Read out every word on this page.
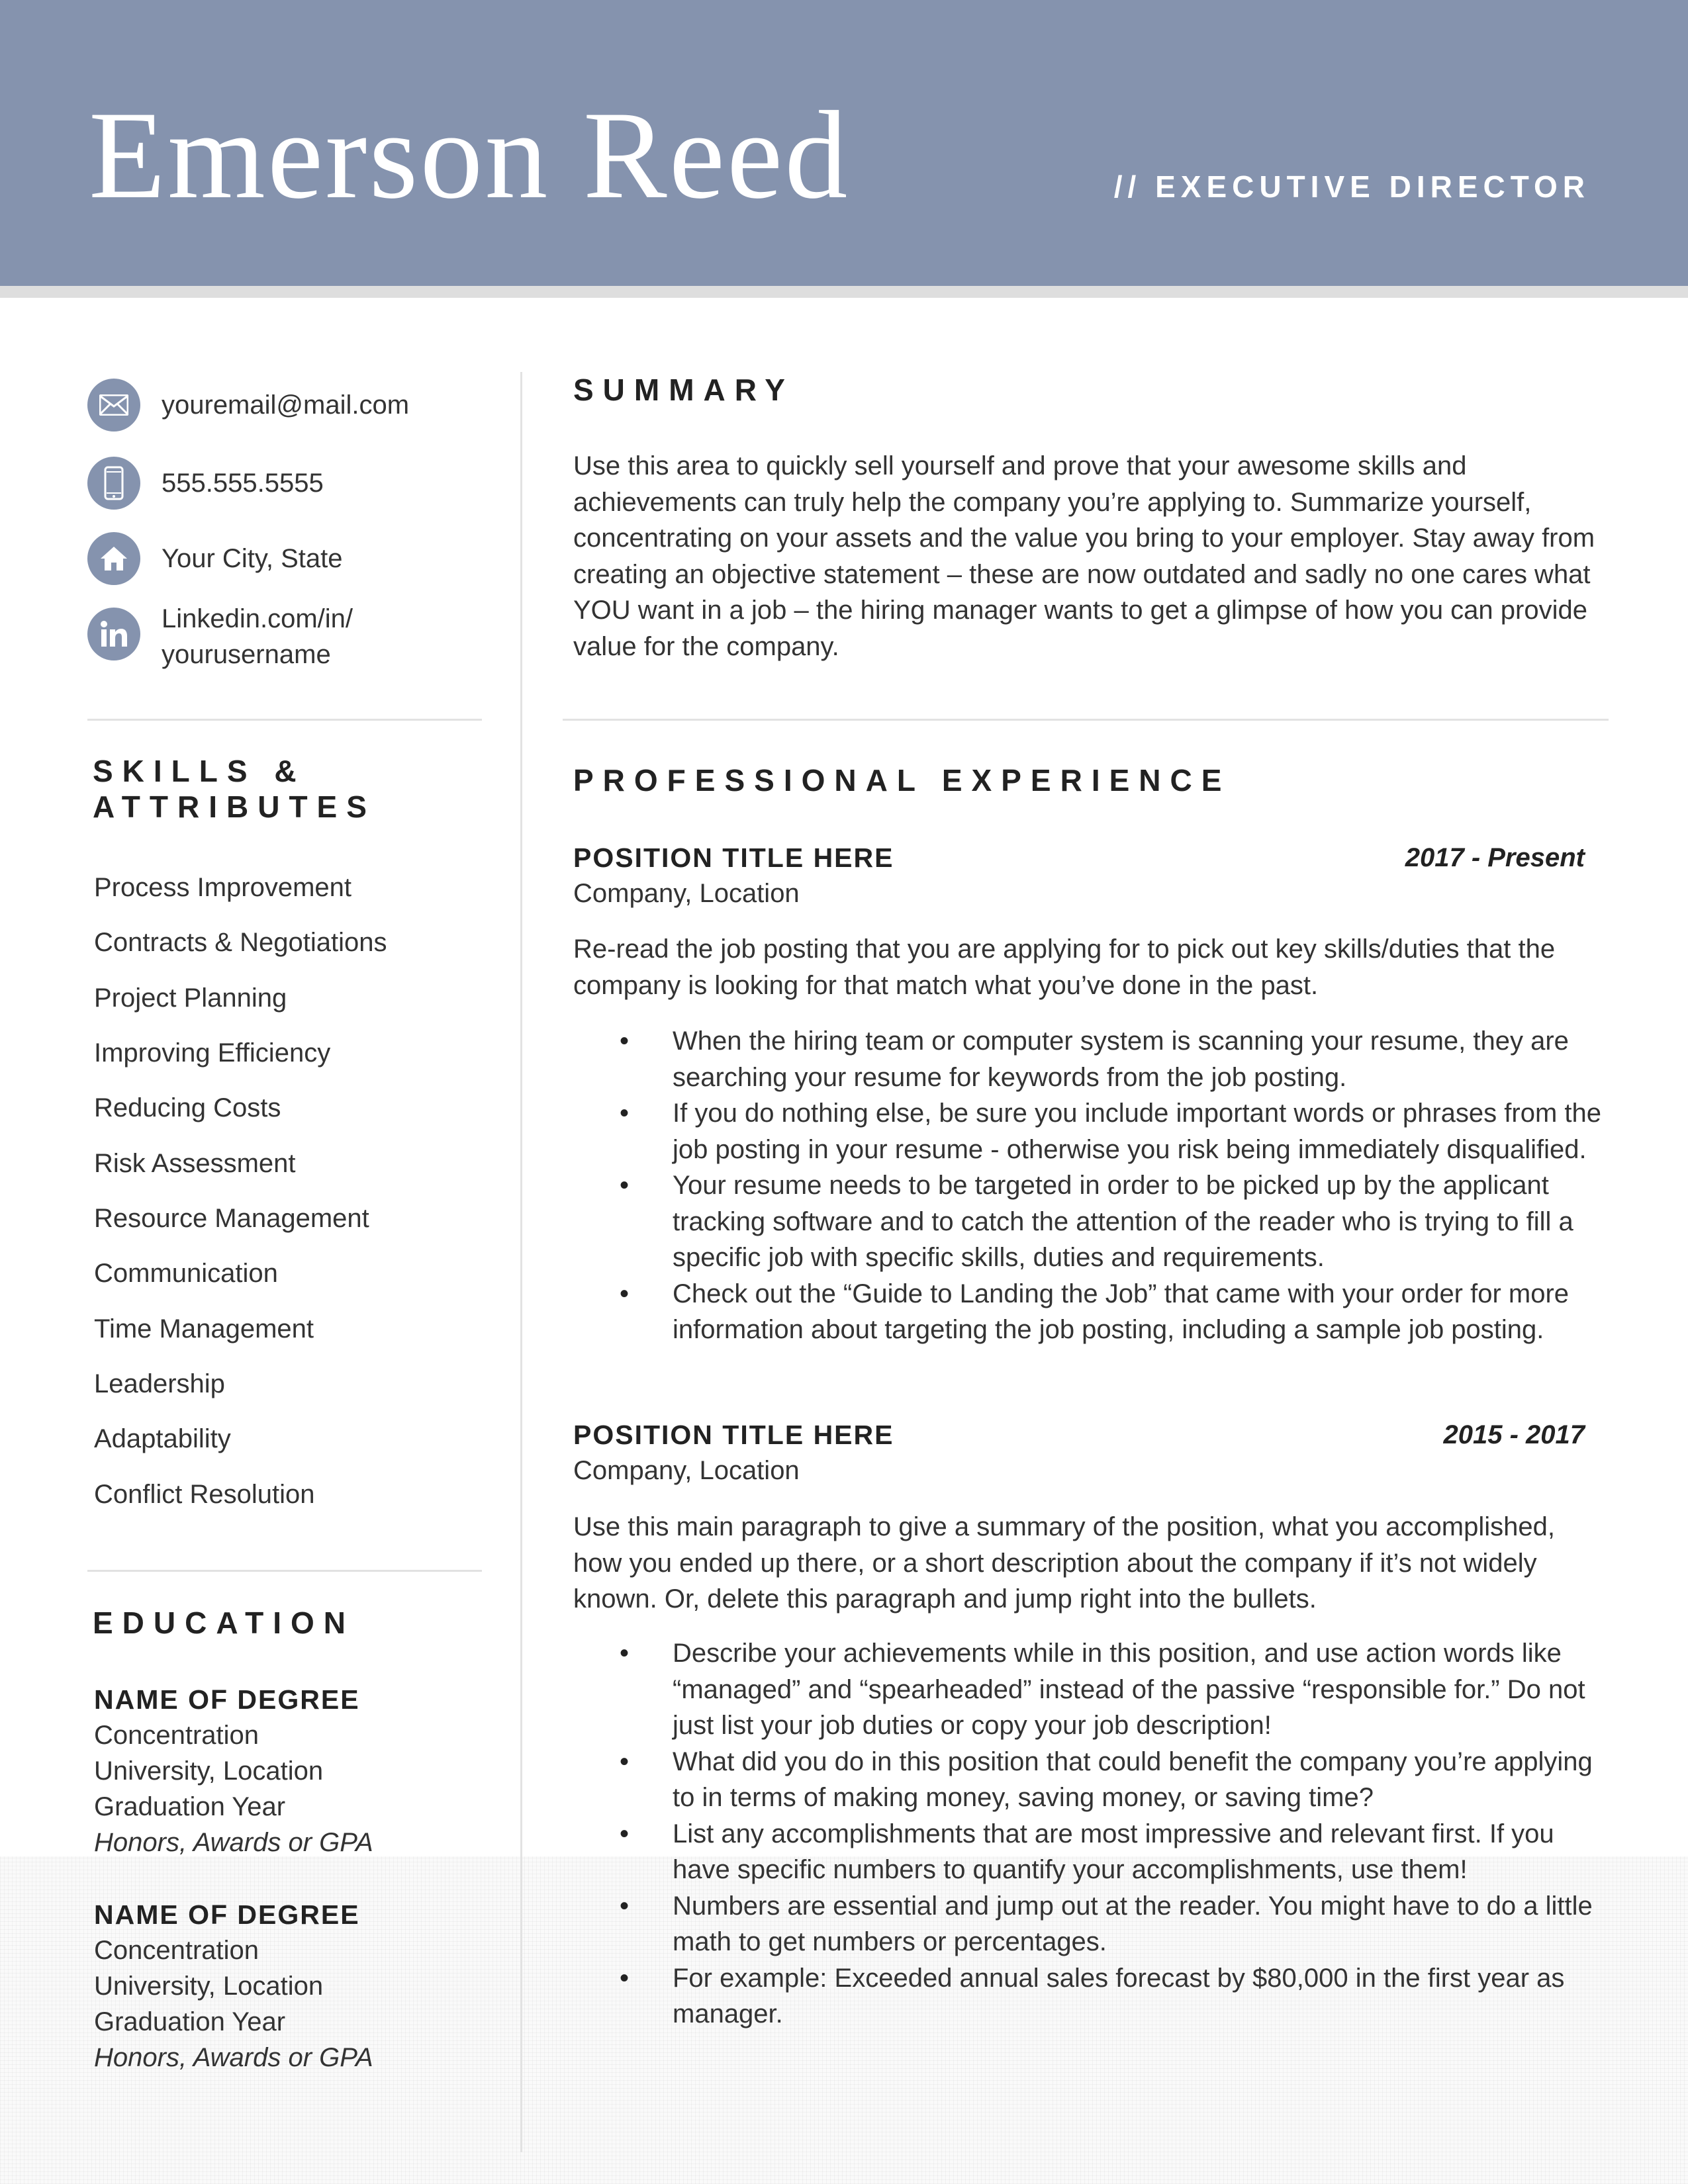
Emerson Reed	// EXECUTIVE DIRECTOR
youremail@mail.com
555.555.5555
Your City, State
Linkedin.com/in/
yourusername
SKILLS &
ATTRIBUTES
Process Improvement
Contracts & Negotiations
Project Planning
Improving Efficiency
Reducing Costs
Risk Assessment
Resource Management
Communication
Time Management
Leadership
Adaptability
Conflict Resolution
EDUCATION
NAME OF DEGREE
Concentration
University, Location
Graduation Year
Honors, Awards or GPA
NAME OF DEGREE
Concentration
University, Location
Graduation Year
Honors, Awards or GPA
SUMMARY
Use this area to quickly sell yourself and prove that your awesome skills and achievements can truly help the company you’re applying to. Summarize yourself, concentrating on your assets and the value you bring to your employer. Stay away from creating an objective statement – these are now outdated and sadly no one cares what YOU want in a job – the hiring manager wants to get a glimpse of how you can provide value for the company.
PROFESSIONAL EXPERIENCE
POSITION TITLE HERE	2017 - Present
Company, Location
Re-read the job posting that you are applying for to pick out key skills/duties that the company is looking for that match what you’ve done in the past.
• When the hiring team or computer system is scanning your resume, they are searching your resume for keywords from the job posting.
• If you do nothing else, be sure you include important words or phrases from the job posting in your resume - otherwise you risk being immediately disqualified.
• Your resume needs to be targeted in order to be picked up by the applicant tracking software and to catch the attention of the reader who is trying to fill a specific job with specific skills, duties and requirements.
• Check out the “Guide to Landing the Job” that came with your order for more information about targeting the job posting, including a sample job posting.
POSITION TITLE HERE	2015 - 2017
Company, Location
Use this main paragraph to give a summary of the position, what you accomplished, how you ended up there, or a short description about the company if it’s not widely known. Or, delete this paragraph and jump right into the bullets.
• Describe your achievements while in this position, and use action words like “managed” and “spearheaded” instead of the passive “responsible for.” Do not just list your job duties or copy your job description!
• What did you do in this position that could benefit the company you’re applying to in terms of making money, saving money, or saving time?
• List any accomplishments that are most impressive and relevant first. If you have specific numbers to quantify your accomplishments, use them!
• Numbers are essential and jump out at the reader. You might have to do a little math to get numbers or percentages.
• For example: Exceeded annual sales forecast by $80,000 in the first year as manager.
